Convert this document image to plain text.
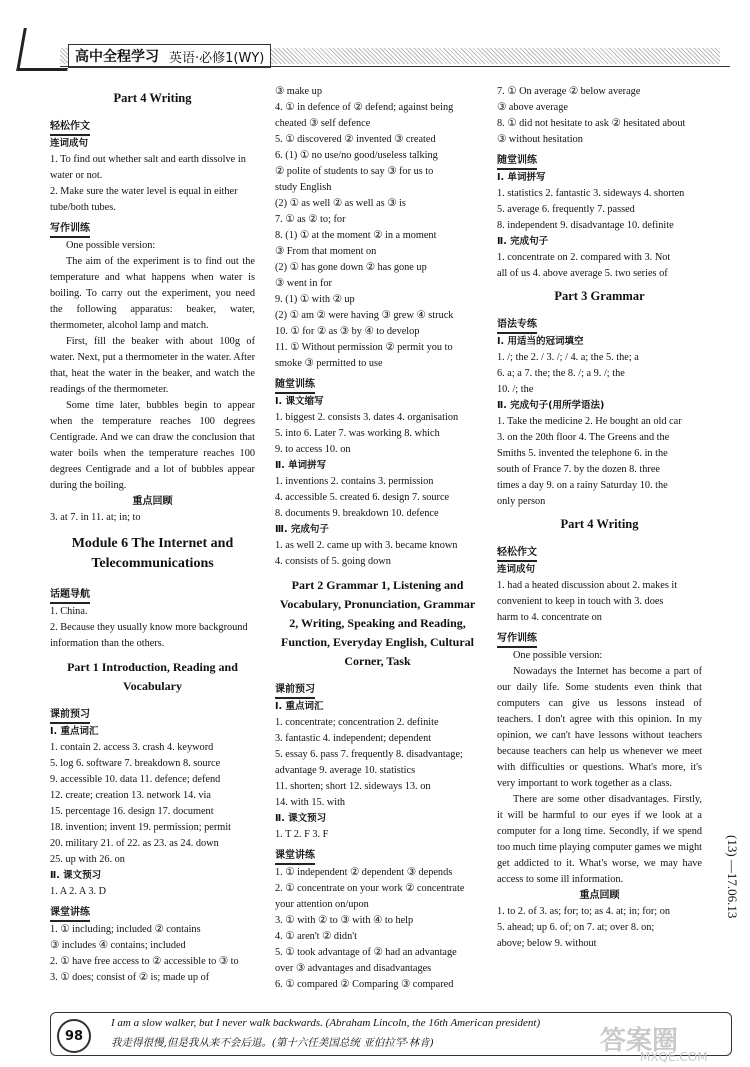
高中全程学习 英语·必修1(WY)
Part 4 Writing
轻松作文
连词成句
1. To find out whether salt and earth dissolve in water or not.
2. Make sure the water level is equal in either tube/both tubes.
写作训练
One possible version:
The aim of the experiment is to find out the temperature and what happens when water is boiling. To carry out the experiment, you need the following apparatus: beaker, water, thermometer, alcohol lamp and match.
First, fill the beaker with about 100g of water. Next, put a thermometer in the water. After that, heat the water in the beaker, and watch the readings of the thermometer.
Some time later, bubbles begin to appear when the temperature reaches 100 degrees Centigrade. And we can draw the conclusion that water boils when the temperature reaches 100 degrees Centigrade and a lot of bubbles appear during the boiling.
重点回顾
3. at 7. in 11. at; in; to
Module 6 The Internet and Telecommunications
话题导航
1. China.
2. Because they usually know more background information than the others.
Part 1 Introduction, Reading and Vocabulary
课前预习
Ⅰ. 重点词汇
1. contain 2. access 3. crash 4. keyword
5. log 6. software 7. breakdown 8. source
9. accessible 10. data 11. defence; defend
12. create; creation 13. network 14. via
15. percentage 16. design 17. document
18. invention; invent 19. permission; permit
20. military 21. of 22. as 23. as 24. down
25. up with 26. on
Ⅱ. 课文预习
1. A 2. A 3. D
课堂讲练
1. ① including; included ② contains
③ includes ④ contains; included
2. ① have free access to ② accessible to ③ to
3. ① does; consist of ② is; made up of
③ make up
4. ① in defence of ② defend; against being
cheated ③ self defence
5. ① discovered ② invented ③ created
6. (1) ① no use/no good/useless talking
② polite of students to say ③ for us to
study English
(2) ① as well ② as well as ③ is
7. ① as ② to; for
8. (1) ① at the moment ② in a moment
③ From that moment on
(2) ① has gone down ② has gone up
③ went in for
9. (1) ① with ② up
(2) ① am ② were having ③ grew ④ struck
10. ① for ② as ③ by ④ to develop
11. ① Without permission ② permit you to
smoke ③ permitted to use
随堂训练
Ⅰ. 课文缩写
1. biggest 2. consists 3. dates 4. organisation
5. into 6. Later 7. was working 8. which
9. to access 10. on
Ⅱ. 单词拼写
1. inventions 2. contains 3. permission
4. accessible 5. created 6. design 7. source
8. documents 9. breakdown 10. defence
Ⅲ. 完成句子
1. as well 2. came up with 3. became known
4. consists of 5. going down
Part 2 Grammar 1, Listening and Vocabulary, Pronunciation, Grammar 2, Writing, Speaking and Reading, Function, Everyday English, Cultural Corner, Task
课前预习
Ⅰ. 重点词汇
1. concentrate; concentration 2. definite
3. fantastic 4. independent; dependent
5. essay 6. pass 7. frequently 8. disadvantage;
advantage 9. average 10. statistics
11. shorten; short 12. sideways 13. on
14. with 15. with
Ⅱ. 课文预习
1. T 2. F 3. F
课堂讲练
1. ① independent ② dependent ③ depends
2. ① concentrate on your work ② concentrate
your attention on/upon
3. ① with ② to ③ with ④ to help
4. ① aren't ② didn't
5. ① took advantage of ② had an advantage
over ③ advantages and disadvantages
6. ① compared ② Comparing ③ compared
7. ① On average ② below average
③ above average
8. ① did not hesitate to ask ② hesitated about
③ without hesitation
随堂训练
Ⅰ. 单词拼写
1. statistics 2. fantastic 3. sideways 4. shorten
5. average 6. frequently 7. passed
8. independent 9. disadvantage 10. definite
Ⅱ. 完成句子
1. concentrate on 2. compared with 3. Not
all of us 4. above average 5. two series of
Part 3 Grammar
语法专练
Ⅰ. 用适当的冠词填空
1. /; the 2. / 3. /; / 4. a; the 5. the; a
6. a; a 7. the; the 8. /; a 9. /; the
10. /; the
Ⅱ. 完成句子(用所学语法)
1. Take the medicine 2. He bought an old car
3. on the 20th floor 4. The Greens and the
Smiths 5. invented the telephone 6. in the
south of France 7. by the dozen 8. three
times a day 9. on a rainy Saturday 10. the
only person
Part 4 Writing
轻松作文
连词成句
1. had a heated discussion about 2. makes it
convenient to keep in touch with 3. does
harm to 4. concentrate on
写作训练
One possible version:
Nowadays the Internet has become a part of our daily life. Some students even think that computers can give us lessons instead of teachers. I don't agree with this opinion. In my opinion, we can't have lessons without teachers because teachers can help us whenever we meet with difficulties or questions. What's more, it's very important to work together as a class.
There are some other disadvantages. Firstly, it will be harmful to our eyes if we look at a computer for a long time. Secondly, if we spend too much time playing computer games we might get addicted to it. What's worse, we may have access to some ill information.
重点回顾
1. to 2. of 3. as; for; to; as 4. at; in; for; on
5. ahead; up 6. of; on 7. at; over 8. on;
above; below 9. without
(13) —17.06.13
98
I am a slow walker, but I never walk backwards. (Abraham Lincoln, the 16th American president)
我走得很慢,但是我从来不会后退。(第十六任美国总统 亚伯拉罕·林肯)	答案圈
MXQE.COM
